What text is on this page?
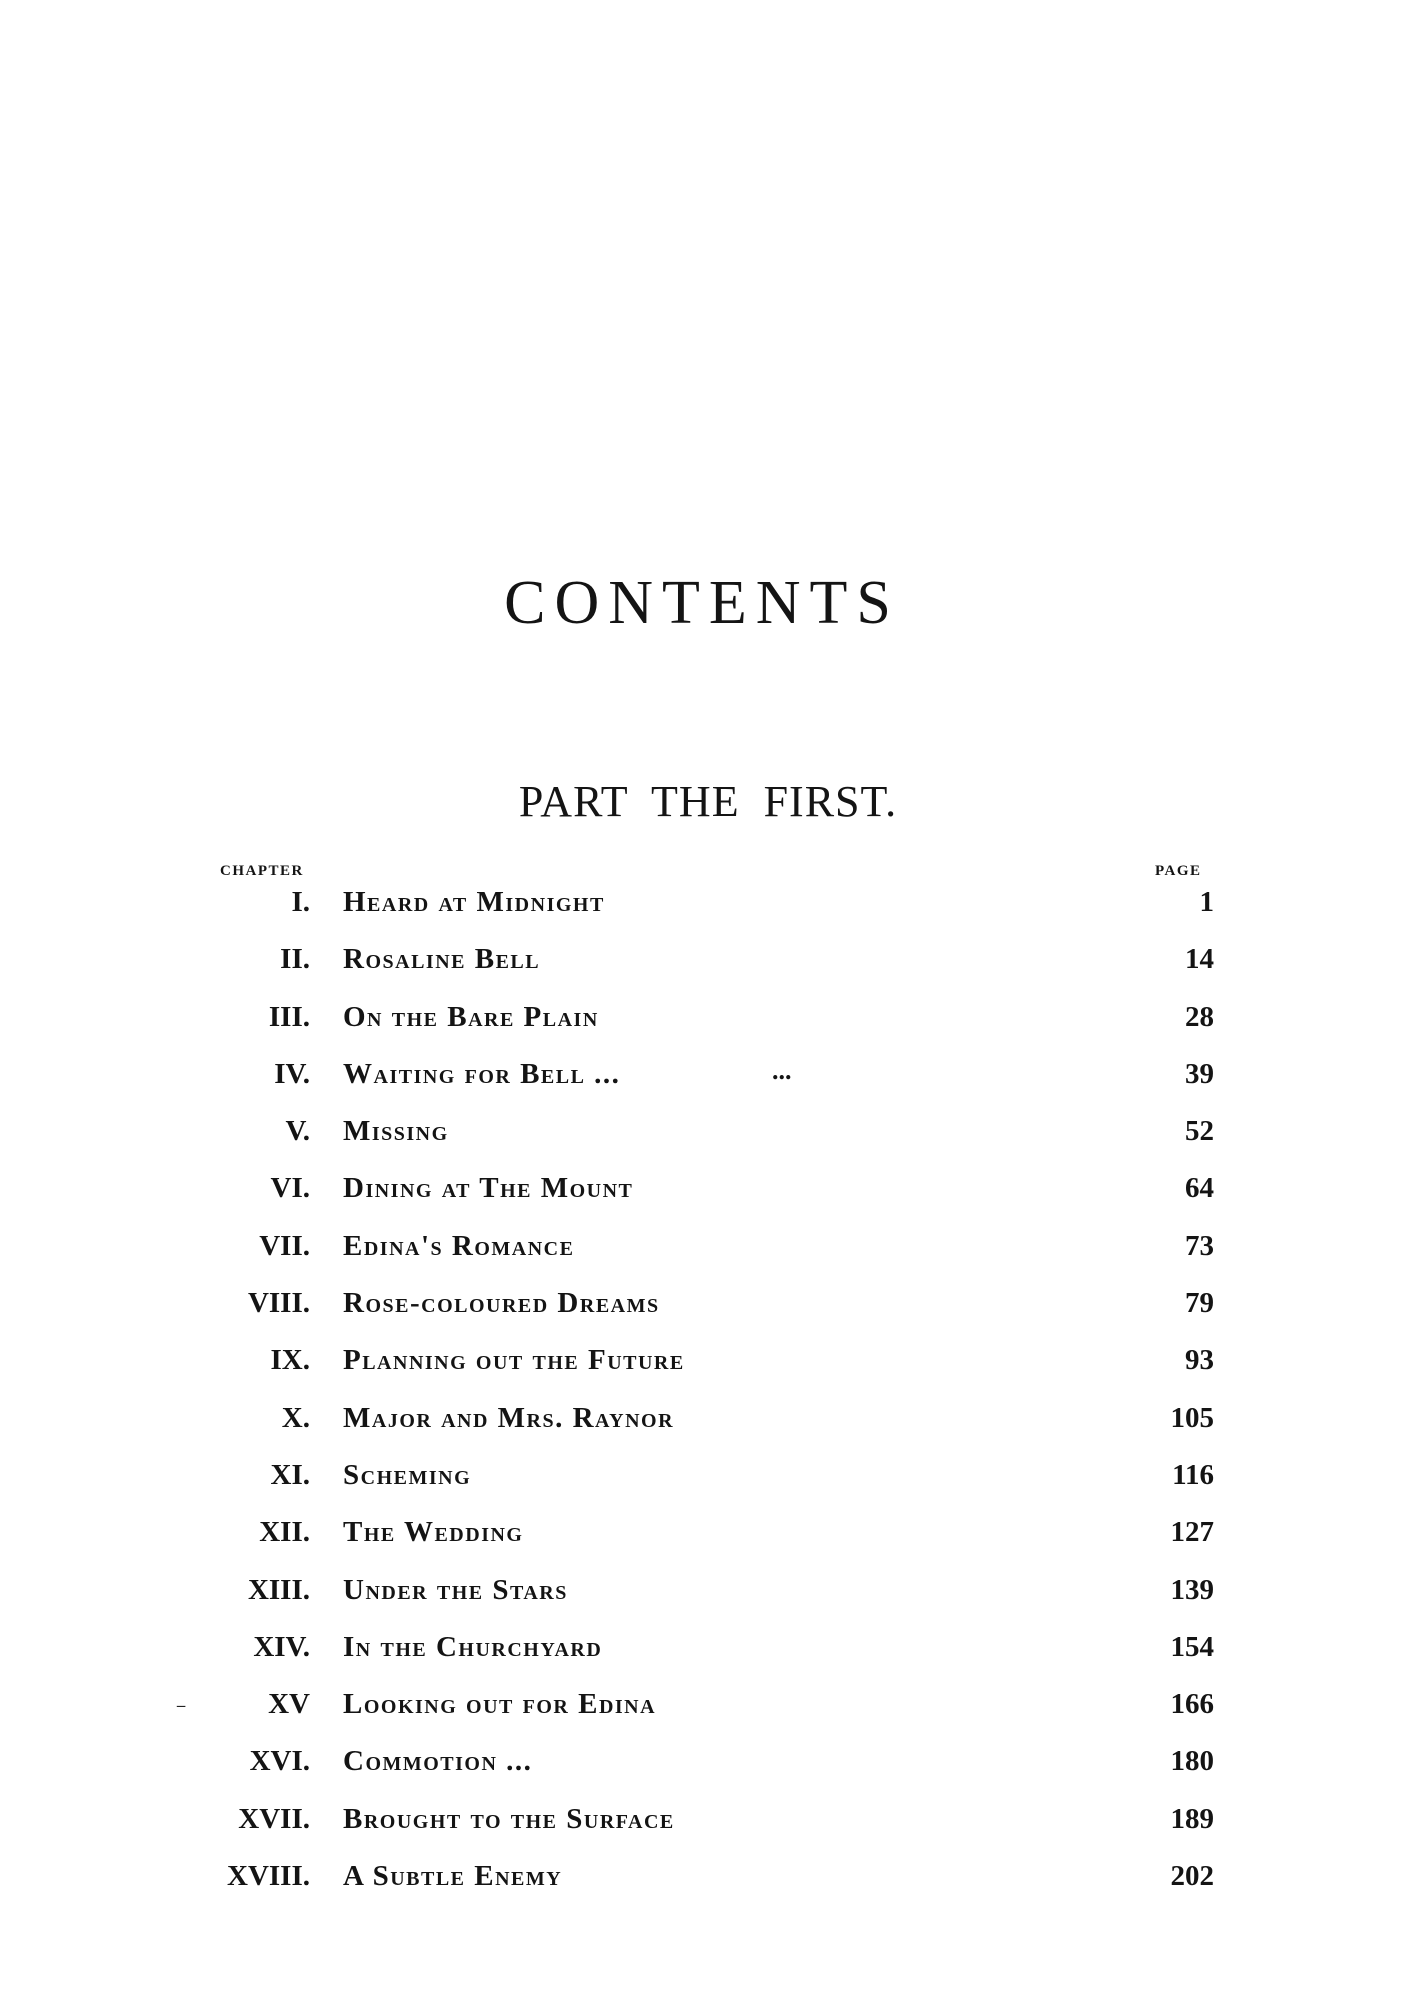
CONTENTS
PART THE FIRST.
CHAPTER	PAGE
I. Heard at Midnight	1
II. Rosaline Bell	14
III. On the Bare Plain	28
IV. Waiting for Bell ...	...	39
V. Missing	52
VI. Dining at The Mount	64
VII. Edina's Romance	73
VIII. Rose-coloured Dreams	79
IX. Planning out the Future	93
X. Major and Mrs. Raynor	105
XI. Scheming	116
XII. The Wedding	127
XIII. Under the Stars	139
XIV. In the Churchyard	154
‒	XV Looking out for Edina	166
XVI. Commotion ...	180
XVII. Brought to the Surface	189
XVIII. A Subtle Enemy	202
